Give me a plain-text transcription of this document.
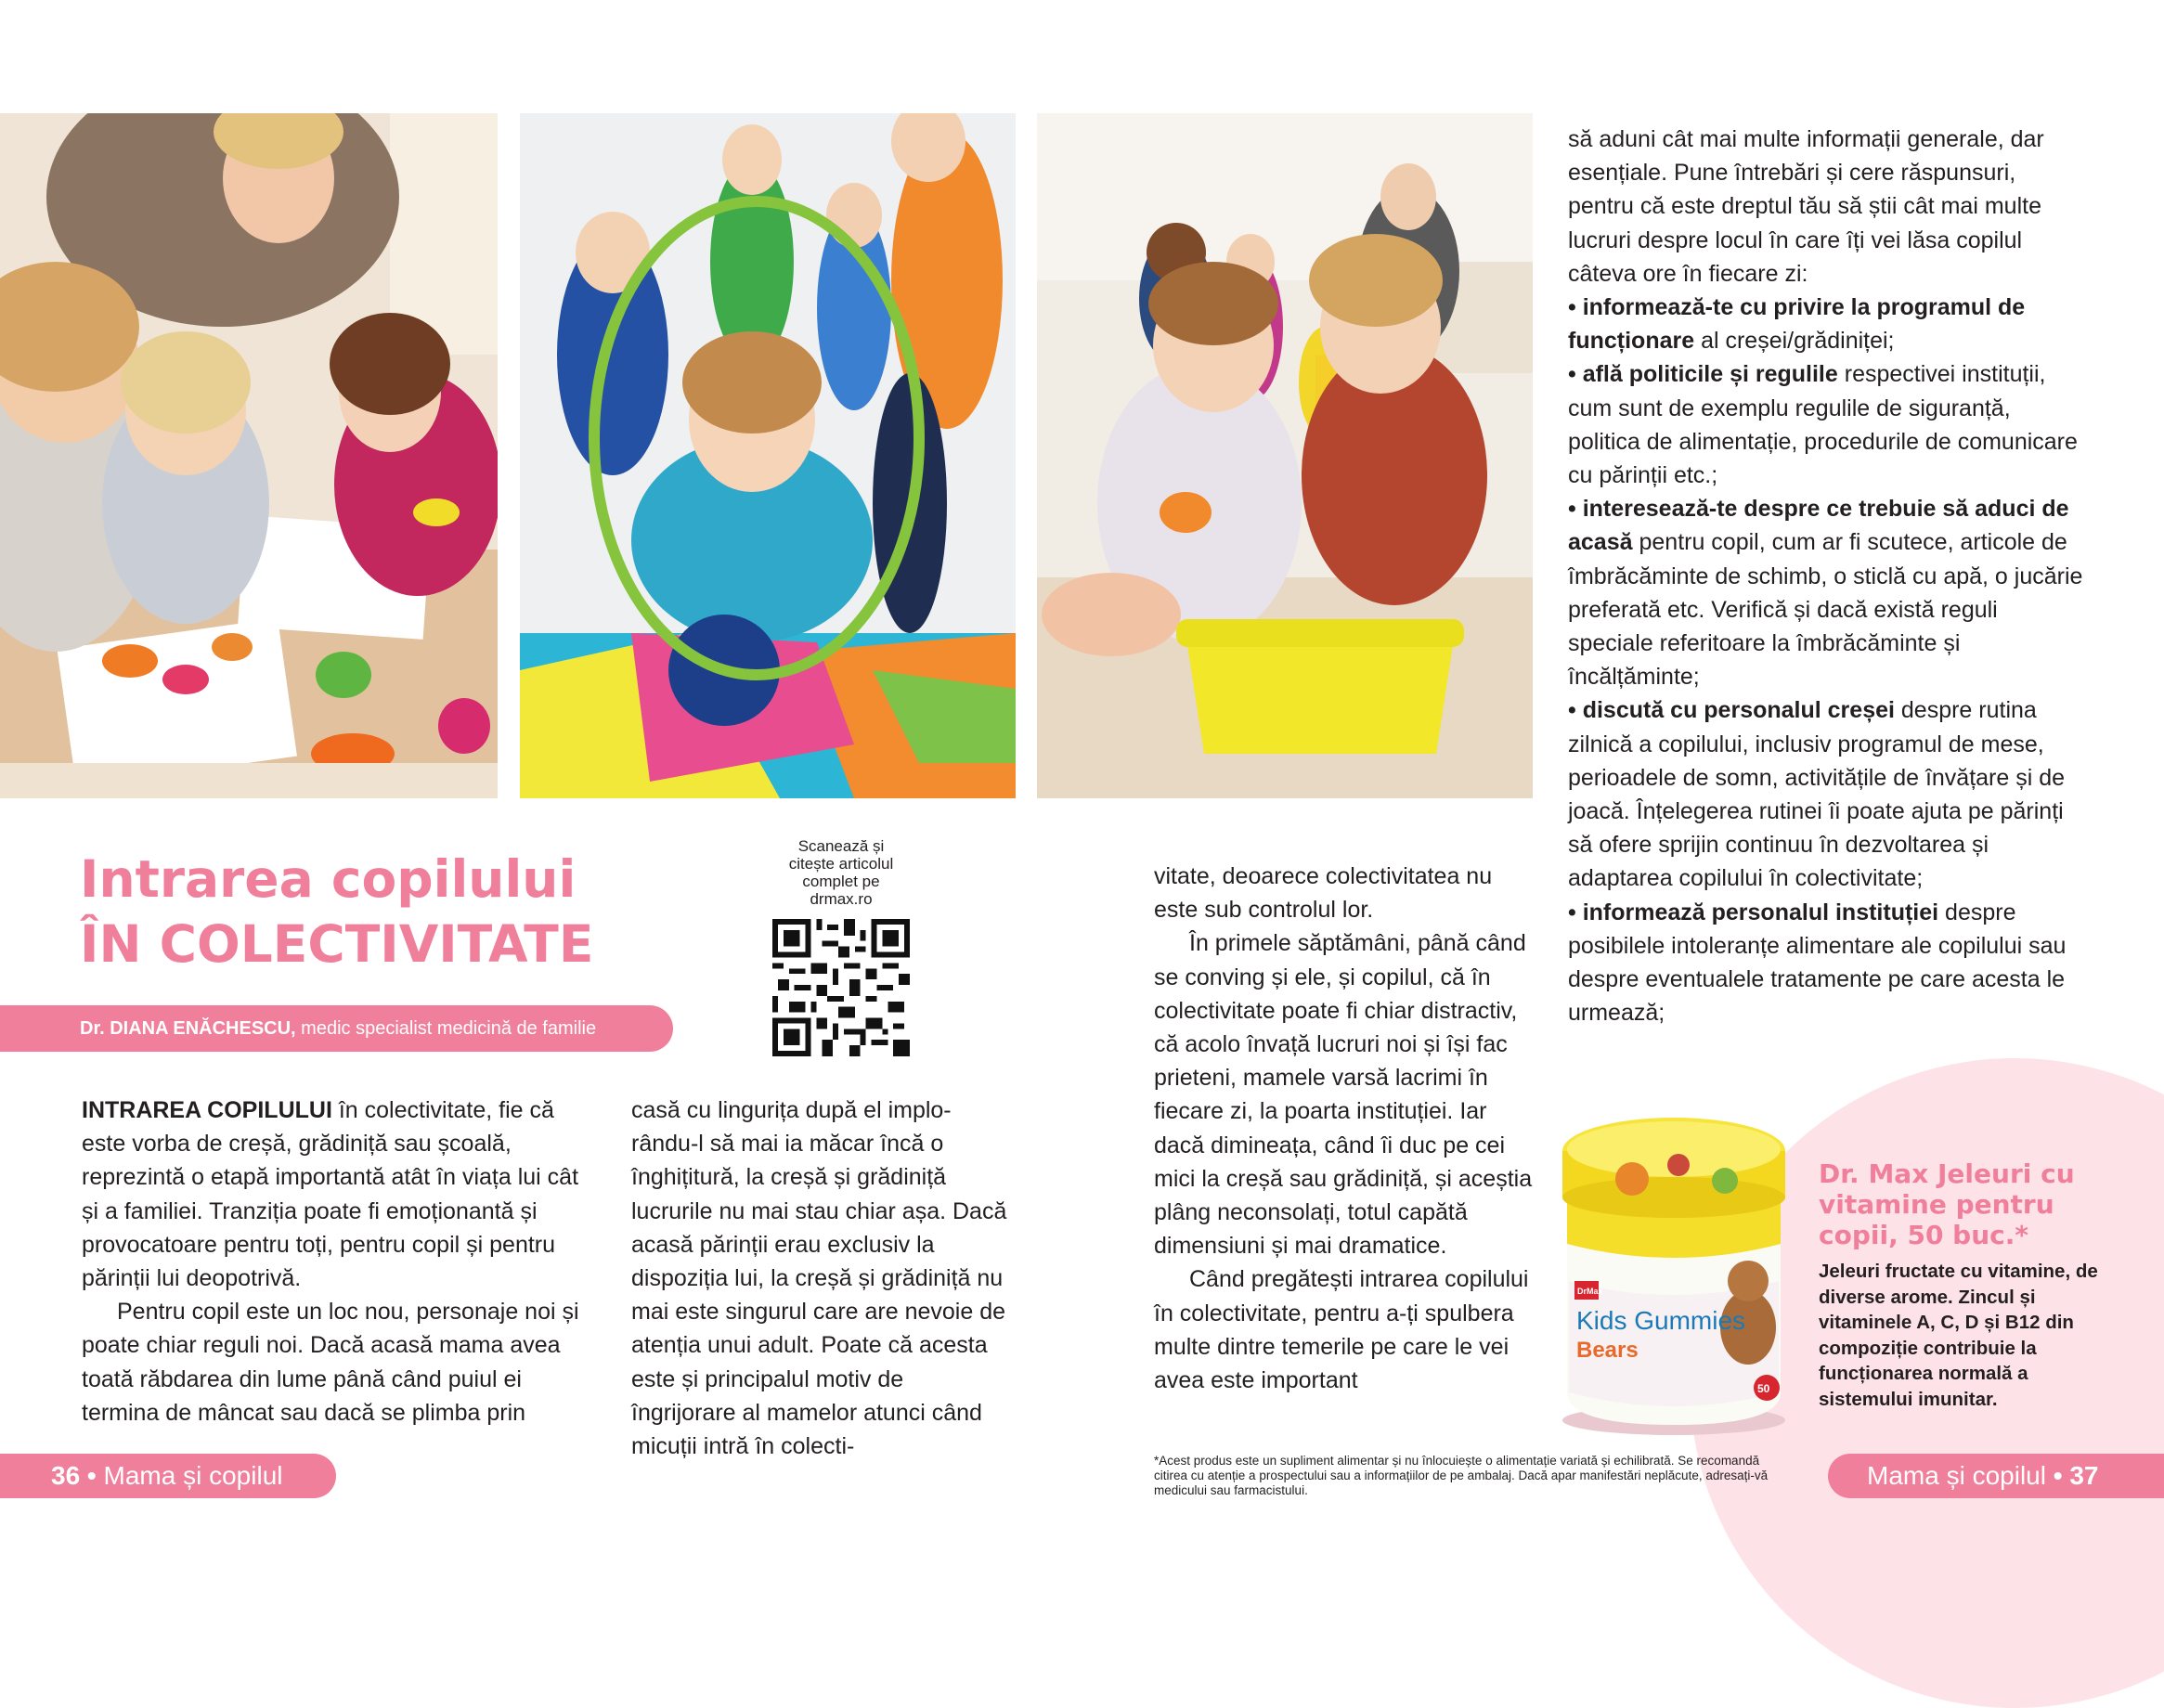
Intrarea copilului
ÎN COLECTIVITATE
Dr. DIANA ENĂCHESCU, medic specialist medicină de familie
Scanează și
citește articolul
complet pe
drmax.ro

INTRAREA COPILULUI în colectivitate, fie că este vorba de creșă, grădiniță sau școală, reprezintă o etapă importantă atât în viața lui cât și a familiei. Tranziția poate fi emoționantă și provocatoare pentru toți, pentru copil și pentru părinții lui deopotrivă.

Pentru copil este un loc nou, personaje noi și poate chiar reguli noi. Dacă acasă mama avea toată răbdarea din lume până când puiul ei termina de mâncat sau dacă se plimba prin

casă cu lingurița după el implo-rându-l să mai ia măcar încă o înghițitură, la creșă și grădiniță lucrurile nu mai stau chiar așa. Dacă acasă părinții erau exclusiv la dispoziția lui, la creșă și grădiniță nu mai este singurul care are nevoie de atenția unui adult. Poate că acesta este și principalul motiv de îngrijorare al mamelor atunci când micuții intră în colecti-

vitate, deoarece colectivitatea nu este sub controlul lor.

În primele săptămâni, până când se conving și ele, și copilul, că în colectivitate poate fi chiar distractiv, că acolo învață lucruri noi și își fac prieteni, mamele varsă lacrimi în fiecare zi, la poarta instituției. Iar dacă dimineața, când îi duc pe cei mici la creșă sau grădiniță, și aceștia plâng neconsolați, totul capătă dimensiuni și mai dramatice.

Când pregătești intrarea copilului în colectivitate, pentru a-ți spulbera multe dintre temerile pe care le vei avea este important

să aduni cât mai multe informații generale, dar esențiale. Pune întrebări și cere răspunsuri, pentru că este dreptul tău să știi cât mai multe lucruri despre locul în care îți vei lăsa copilul câteva ore în fiecare zi:

• informează-te cu privire la programul de funcționare al creșei/grădiniței;

• află politicile și regulile respectivei instituții, cum sunt de exemplu regulile de siguranță, politica de alimentație, procedurile de comunicare cu părinții etc.;

• interesează-te despre ce trebuie să aduci de acasă pentru copil, cum ar fi scutece, articole de îmbrăcăminte de schimb, o sticlă cu apă, o jucărie preferată etc. Verifică și dacă există reguli speciale referitoare la îmbrăcăminte și încălțăminte;

• discută cu personalul creșei despre rutina zilnică a copilului, inclusiv programul de mese, perioadele de somn, activitățile de învățare și de joacă. Înțelegerea rutinei îi poate ajuta pe părinți să ofere sprijin continuu în dezvoltarea și adaptarea copilului în colectivitate;

• informează personalul instituției despre posibilele intoleranțe alimentare ale copilului sau despre eventualele tratamente pe care acesta le urmează;

DrMax
Kids Gummies
Bears
50
Dr. Max Jeleuri cu vitamine pentru copii, 50 buc.*
Jeleuri fructate cu vitamine, de diverse arome. Zincul și vitaminele A, C, D și B12 din compoziție contribuie la funcționarea normală a sistemului imunitar.
*Acest produs este un supliment alimentar și nu înlocuiește o alimentație variată și echilibrată. Se recomandă citirea cu atenție a prospectului sau a informațiilor de pe ambalaj. Dacă apar manifestări neplăcute, adresați-vă medicului sau farmacistului.
36 • Mama și copilul	Mama și copilul • 37
